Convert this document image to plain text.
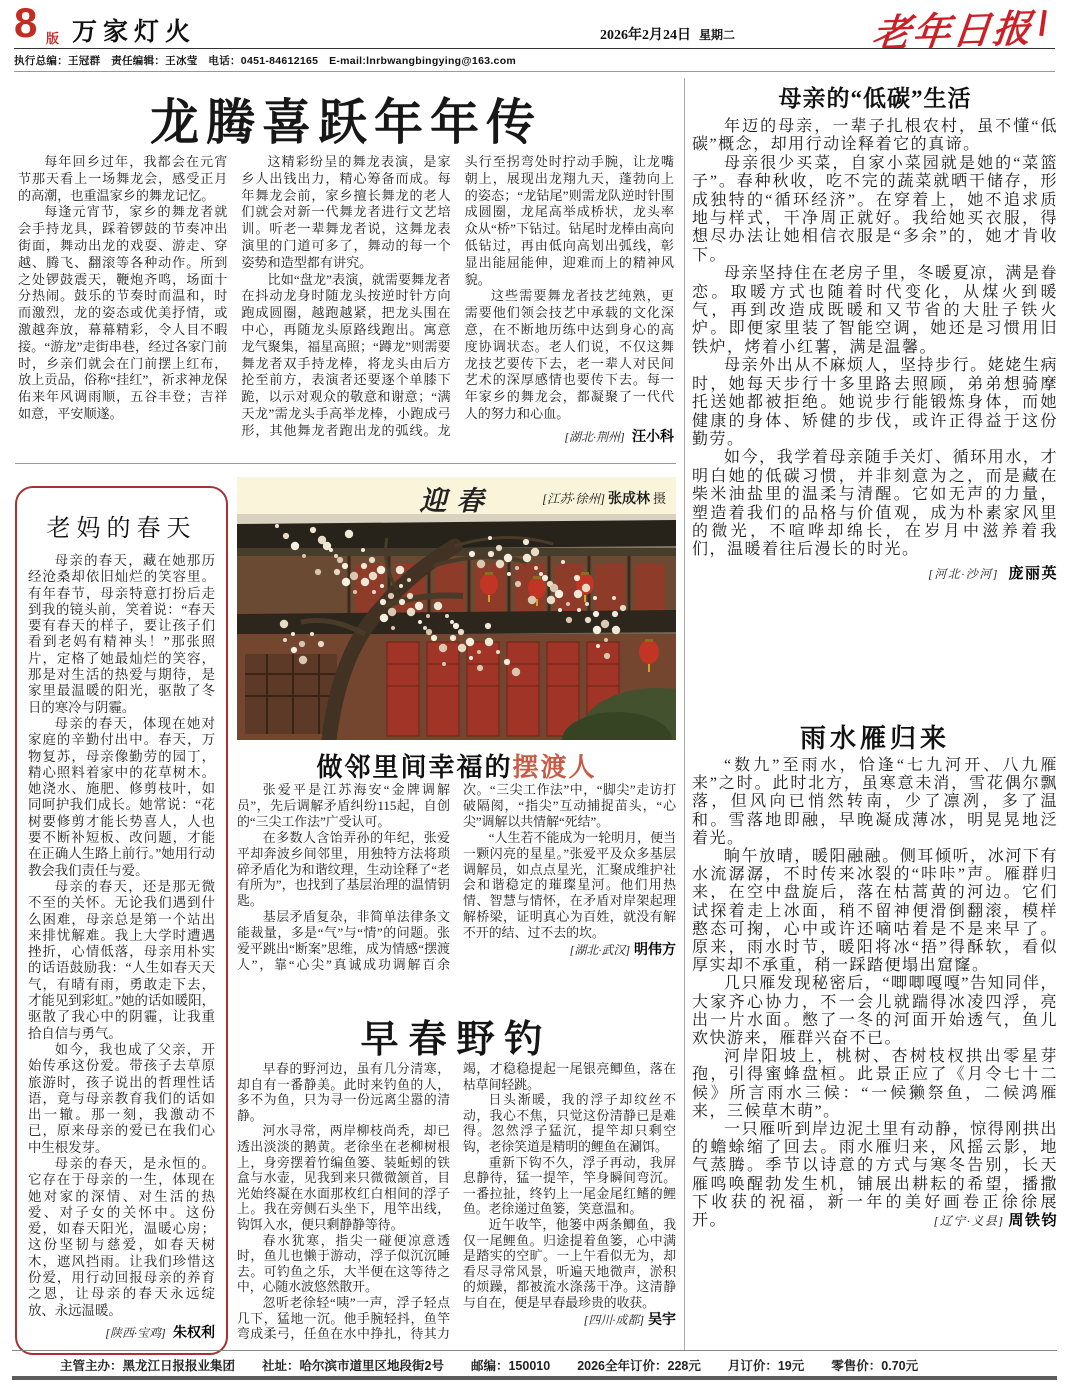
8 版 万家灯火	2026年2月24日 星期二	老年日报
执行总编：王冠群　责任编辑：王冰莹　电话：0451-84612165　E-mail:lnrbwangbingying@163.com
龙腾喜跃年年传

每年回乡过年，我都会在元宵节那天看上一场舞龙会，感受正月的高潮，也重温家乡的舞龙记忆。

每逢元宵节，家乡的舞龙者就会手持龙具，踩着锣鼓的节奏冲出街面，舞动出龙的戏耍、游走、穿越、腾飞、翻滚等各种动作。所到之处锣鼓震天，鞭炮齐鸣，场面十分热闹。鼓乐的节奏时而温和，时而激烈，龙的姿态或优美抒情，或激越奔放，幕幕精彩，令人目不暇接。“游龙”走街串巷，经过各家门前时，乡亲们就会在门前摆上红布，放上贡品，俗称“挂红”，祈求神龙保佑来年风调雨顺，五谷丰登；吉祥如意，平安顺遂。

这精彩纷呈的舞龙表演，是家乡人出钱出力，精心筹备而成。每年舞龙会前，家乡擅长舞龙的老人们就会对新一代舞龙者进行文艺培训。听老一辈舞龙者说，这舞龙表演里的门道可多了，舞动的每一个姿势和造型都有讲究。

比如“盘龙”表演，就需要舞龙者在抖动龙身时随龙头按逆时针方向跑成圆圈，越跑越紧，把龙头围在中心，再随龙头原路线跑出。寓意龙气聚集，福星高照；“蹲龙”则需要舞龙者双手持龙棒，将龙头由后方抡至前方，表演者还要逐个单膝下跪，以示对观众的敬意和谢意；“满天龙”需龙头手高举龙棒，小跑成弓形，其他舞龙者跑出龙的弧线。龙头行至拐弯处时拧动手腕，让龙嘴朝上，展现出龙翔九天，蓬勃向上的姿态；“龙钻尾”则需龙队逆时针围成圆圈，龙尾高举成桥状，龙头率众从“桥”下钻过。钻尾时龙棒由高向低钻过，再由低向高划出弧线，彰显出能屈能伸，迎难而上的精神风貌。

这些需要舞龙者技艺纯熟，更需要他们领会技艺中承载的文化深意，在不断地历练中达到身心的高度协调状态。老人们说，不仅这舞龙技艺要传下去，老一辈人对民间艺术的深厚感情也要传下去。每一年家乡的舞龙会，都凝聚了一代代人的努力和心血。

[湖北·荆州] 汪小科
老妈的春天

母亲的春天，藏在她那历经沧桑却依旧灿烂的笑容里。有年春节，母亲特意打扮后走到我的镜头前，笑着说：“春天要有春天的样子，要让孩子们看到老妈有精神头！”那张照片，定格了她最灿烂的笑容，那是对生活的热爱与期待，是家里最温暖的阳光，驱散了冬日的寒冷与阴霾。

母亲的春天，体现在她对家庭的辛勤付出中。春天，万物复苏，母亲像勤劳的园丁，精心照料着家中的花草树木。她浇水、施肥、修剪枝叶，如同呵护我们成长。她常说：“花树要修剪才能长势喜人，人也要不断补短板、改问题，才能在正确人生路上前行。”她用行动教会我们责任与爱。

母亲的春天，还是那无微不至的关怀。无论我们遇到什么困难，母亲总是第一个站出来排忧解难。我上大学时遭遇挫折，心情低落，母亲用朴实的话语鼓励我：“人生如春天天气，有晴有雨，勇敢走下去，才能见到彩虹。”她的话如暖阳，驱散了我心中的阴霾，让我重拾自信与勇气。

如今，我也成了父亲，开始传承这份爱。带孩子去草原旅游时，孩子说出的哲理性话语，竟与母亲教育我们的话如出一辙。那一刻，我激动不已，原来母亲的爱已在我们心中生根发芽。

母亲的春天，是永恒的。它存在于母亲的一生，体现在她对家的深情、对生活的热爱、对子女的关怀中。这份爱，如春天阳光，温暖心房；这份坚韧与慈爱，如春天树木，遮风挡雨。让我们珍惜这份爱，用行动回报母亲的养育之恩，让母亲的春天永远绽放、永远温暖。

[陕西·宝鸡] 朱权利
迎春	[江苏·徐州] 张成林 摄
做邻里间幸福的摆渡人

张爱平是江苏海安“金牌调解员”，先后调解矛盾纠纷115起，自创的“三尖工作法”广受认可。

在多数人含饴弄孙的年纪，张爱平却奔波乡间邻里，用独特方法将琐碎矛盾化为和谐纹理，生动诠释了“老有所为”，也找到了基层治理的温情钥匙。

基层矛盾复杂，非简单法律条文能裁量，多是“气”与“情”的问题。张爱平跳出“断案”思维，成为情感“摆渡人”，靠“心尖”真诚成功调解百余次。“三尖工作法”中，“脚尖”走访打破隔阂，“指尖”互动捕捉苗头，“心尖”调解以共情解“死结”。

“人生若不能成为一轮明月，便当一颗闪亮的星星。”张爱平及众多基层调解员，如点点星光，汇聚成维护社会和谐稳定的璀璨星河。他们用热情、智慧与情怀，在矛盾对岸架起理解桥梁，证明真心为百姓，就没有解不开的结、过不去的坎。
[湖北·武汉] 明伟方

早春野钓

早春的野河边，虽有几分清寒，却自有一番静美。此时来钓鱼的人，多不为鱼，只为寻一份远离尘嚣的清静。

河水寻常，两岸柳枝尚秃，却已透出淡淡的鹅黄。老徐坐在老柳树根上，身旁摆着竹编鱼篓、装蚯蚓的铁盒与水壶，见我到来只微微颔首，目光始终凝在水面那枚红白相间的浮子上。我在旁侧石头坐下，甩竿出线，钩饵入水，便只剩静静等待。

春水犹寒，指尖一碰便凉意透时，鱼儿也懒于游动，浮子似沉沉睡去。可钓鱼之乐，大半便在这等待之中，心随水波悠然散开。

忽听老徐轻“咦”一声，浮子轻点几下，猛地一沉。他手腕轻抖，鱼竿弯成柔弓，任鱼在水中挣扎，待其力竭，才稳稳提起一尾银亮鲫鱼，落在枯草间轻跳。

日头渐暖，我的浮子却纹丝不动，我心不焦，只觉这份清静已是难得。忽然浮子猛沉，提竿却只剩空钩，老徐笑道是精明的鲤鱼在涮饵。

重新下钩不久，浮子再动，我屏息静待，猛一提竿，竿身瞬间弯沉。一番拉扯，终钓上一尾金尾红鳍的鲤鱼。老徐递过鱼篓，笑意温和。

近午收竿，他篓中两条鲫鱼，我仅一尾鲤鱼。归途提着鱼篓，心中满是踏实的空旷。一上午看似无为，却看尽寻常风景，听遍天地微声，淤积的烦躁，都被流水涤荡干净。这清静与自在，便是早春最珍贵的收获。
[四川·成都] 吴宇

母亲的“低碳”生活

年迈的母亲，一辈子扎根农村，虽不懂“低碳”概念，却用行动诠释着它的真谛。

母亲很少买菜，自家小菜园就是她的“菜篮子”。春种秋收，吃不完的蔬菜就晒干储存，形成独特的“循环经济”。在穿着上，她不追求质地与样式，干净周正就好。我给她买衣服，得想尽办法让她相信衣服是“多余”的，她才肯收下。

母亲坚持住在老房子里，冬暖夏凉，满是眷恋。取暖方式也随着时代变化，从煤火到暖气，再到改造成既暖和又节省的大肚子铁火炉。即便家里装了智能空调，她还是习惯用旧铁炉，烤着小红薯，满是温馨。

母亲外出从不麻烦人，坚持步行。姥姥生病时，她每天步行十多里路去照顾，弟弟想骑摩托送她都被拒绝。她说步行能锻炼身体，而她健康的身体、矫健的步伐，或许正得益于这份勤劳。

如今，我学着母亲随手关灯、循环用水，才明白她的低碳习惯，并非刻意为之，而是藏在柴米油盐里的温柔与清醒。它如无声的力量，塑造着我们的品格与价值观，成为朴素家风里的微光，不喧哗却绵长，在岁月中滋养着我们，温暖着往后漫长的时光。

[河北·沙河] 庞丽英
雨水雁归来

“数九”至雨水，恰逢“七九河开、八九雁来”之时。此时北方，虽寒意未消，雪花偶尔飘落，但风向已悄然转南，少了凛冽，多了温和。雪落地即融，早晚凝成薄冰，明晃晃地泛着光。

晌午放晴，暖阳融融。侧耳倾听，冰河下有水流潺潺，不时传来冰裂的“咔咔”声。雁群归来，在空中盘旋后，落在枯蒿黄的河边。它们试探着走上冰面，稍不留神便滑倒翻滚，模样憨态可掬，心中或许还嘀咕着是不是来早了。原来，雨水时节，暖阳将冰“捂”得酥软，看似厚实却不承重，稍一踩踏便塌出窟窿。

几只雁发现秘密后，“唧唧嘎嘎”告知同伴，大家齐心协力，不一会儿就踹得冰凌四浮，亮出一片水面。憋了一冬的河面开始透气，鱼儿欢快游来，雁群兴奋不已。

河岸阳坡上，桃树、杏树枝杈拱出零星芽孢，引得蜜蜂盘桓。此景正应了《月令七十二候》所言雨水三候：“一候獭祭鱼，二候鸿雁来，三候草木萌”。

一只雁听到岸边泥土里有动静，惊得刚拱出的蟾蜍缩了回去。雨水雁归来，风摇云影，地气蒸腾。季节以诗意的方式与寒冬告别，长天雁鸣唤醒勃发生机，铺展出耕耘的希望，播撒下收获的祝福，新一年的美好画卷正徐徐展开。	[辽宁·义县] 周铁钧

主管主办：黑龙江日报报业集团 社址：哈尔滨市道里区地段街2号 邮编：150010 2026全年订价：228元 月订价：19元 零售价：0.70元
